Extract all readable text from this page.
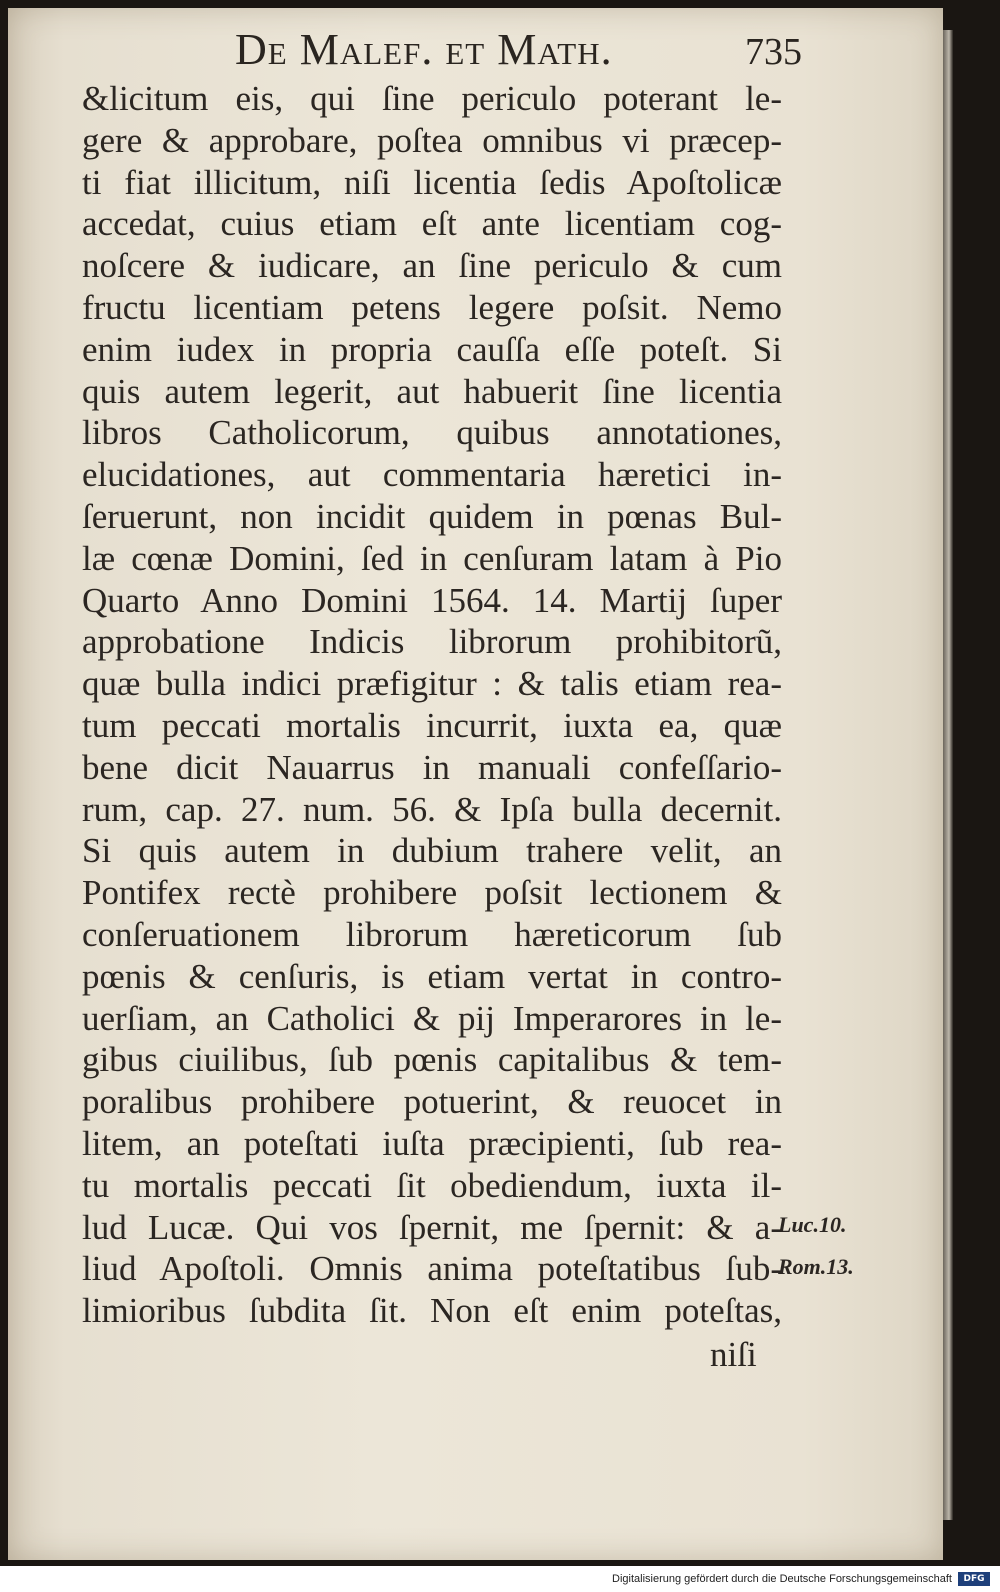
De Malef. et Math.	735
&licitum eis, qui ſine periculo poterant le-
gere & approbare, poſtea omnibus vi præcep-
ti fiat illicitum, niſi licentia ſedis Apoſtolicæ
accedat, cuius etiam eſt ante licentiam cog-
noſcere & iudicare, an ſine periculo & cum
fructu licentiam petens legere poſsit. Nemo
enim iudex in propria cauſſa eſſe poteſt. Si
quis autem legerit, aut habuerit ſine licentia
libros Catholicorum, quibus annotationes,
elucidationes, aut commentaria hæretici in-
ſeruerunt, non incidit quidem in pœnas Bul-
læ cœnæ Domini, ſed in cenſuram latam à Pio
Quarto Anno Domini 1564. 14. Martij ſuper
approbatione Indicis librorum prohibitorũ,
quæ bulla indici præfigitur : & talis etiam rea-
tum peccati mortalis incurrit, iuxta ea, quæ
bene dicit Nauarrus in manuali confeſſario-
rum, cap. 27. num. 56. & Ipſa bulla decernit.
Si quis autem in dubium trahere velit, an
Pontifex rectè prohibere poſsit lectionem &
conſeruationem librorum hæreticorum ſub
pœnis & cenſuris, is etiam vertat in contro-
uerſiam, an Catholici & pij Imperarores in le-
gibus ciuilibus, ſub pœnis capitalibus & tem-
poralibus prohibere potuerint, & reuocet in
litem, an poteſtati iuſta præcipienti, ſub rea-
tu mortalis peccati ſit obediendum, iuxta il-
lud Lucæ. Qui vos ſpernit, me ſpernit: & a-
liud Apoſtoli. Omnis anima poteſtatibus ſub-
limioribus ſubdita ſit. Non eſt enim poteſtas,
niſi
Luc.10.
Rom.13.
Digitalisierung gefördert durch die Deutsche Forschungsgemeinschaft	DFG
